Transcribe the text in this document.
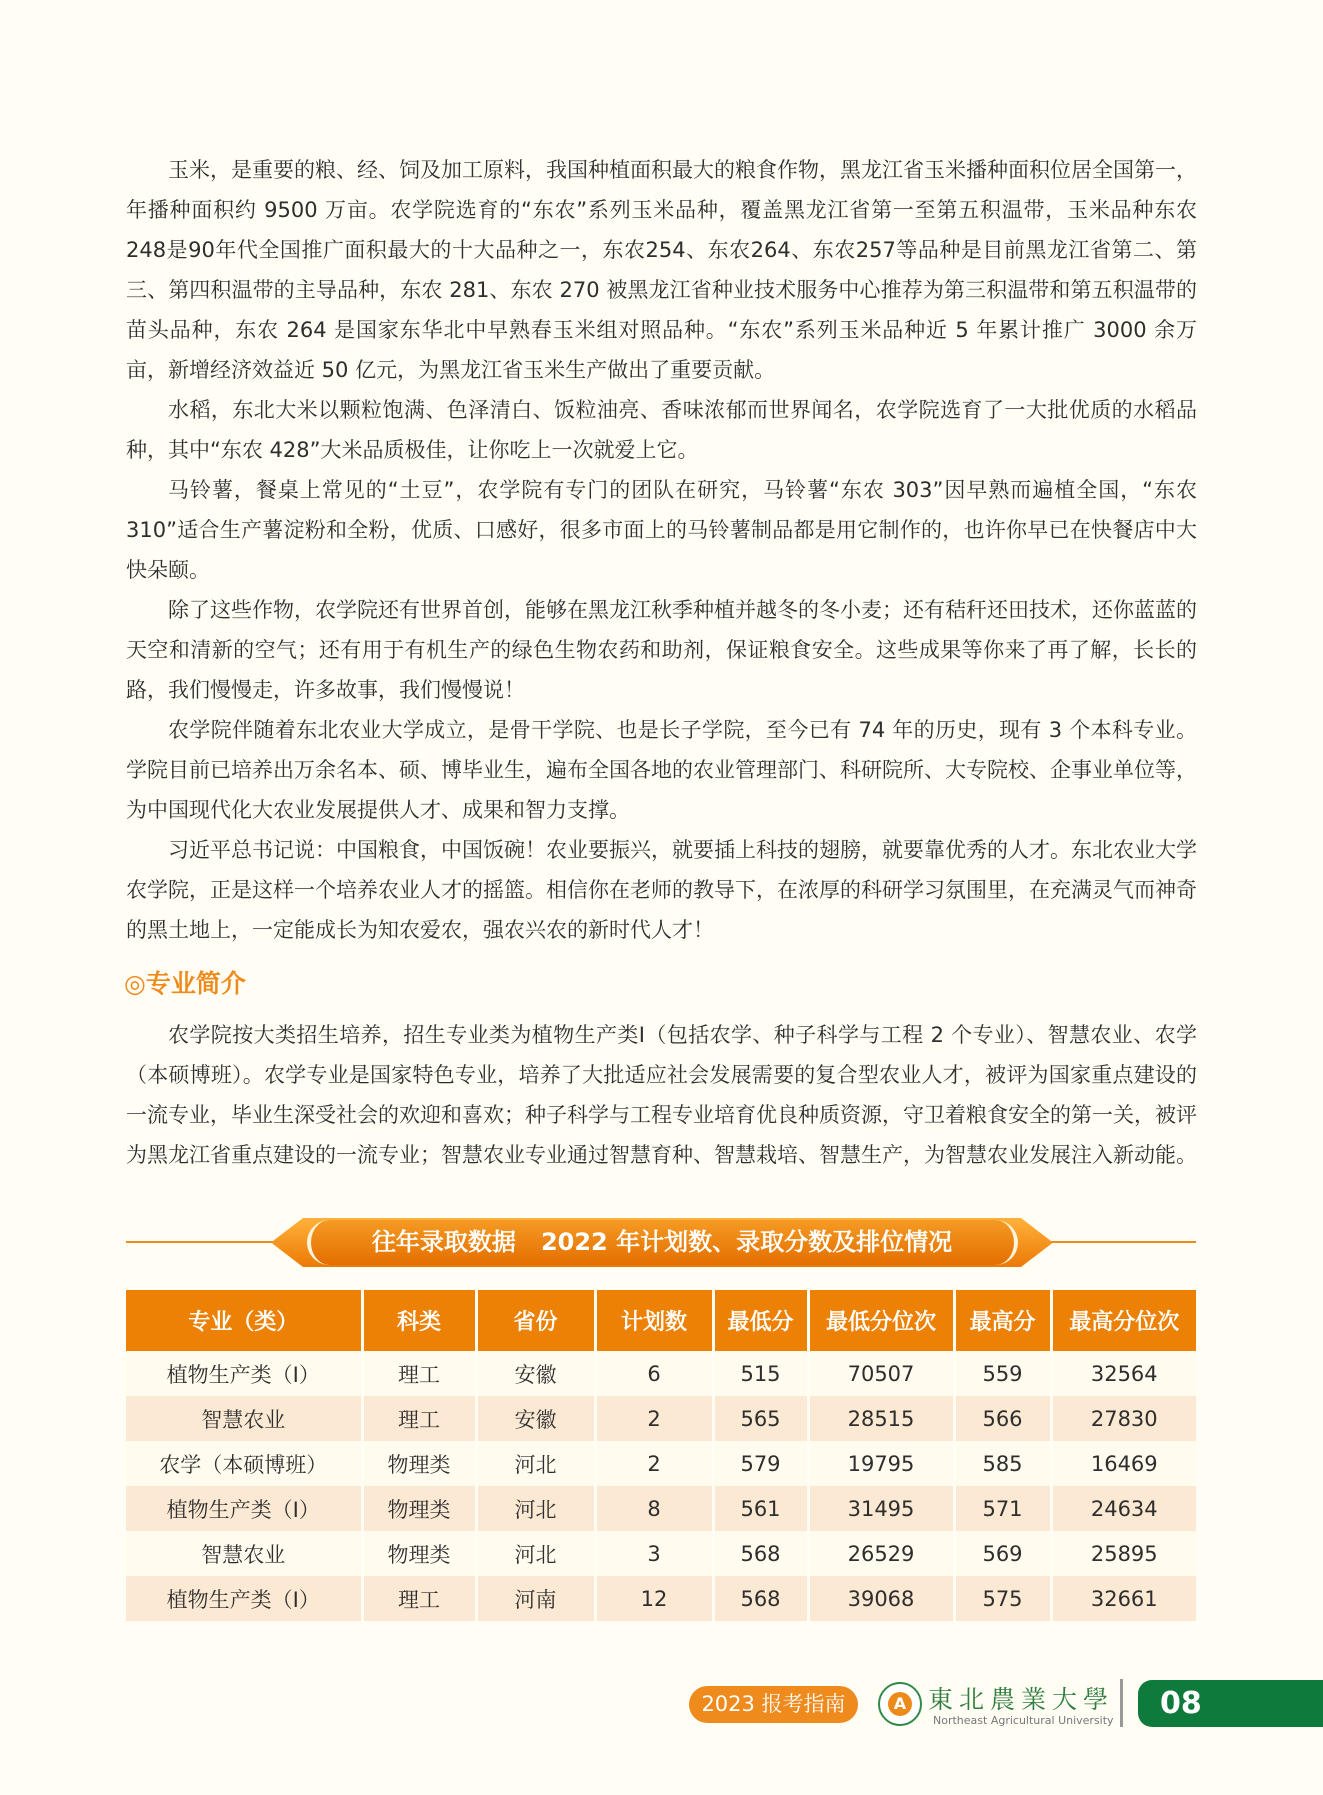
玉米，是重要的粮、经、饲及加工原料，我国种植面积最大的粮食作物，黑龙江省玉米播种面积位居全国第一，年播种面积约 9500 万亩。农学院选育的“东农”系列玉米品种，覆盖黑龙江省第一至第五积温带，玉米品种东农248是90年代全国推广面积最大的十大品种之一，东农254、东农264、东农257等品种是目前黑龙江省第二、第三、第四积温带的主导品种，东农 281、东农 270 被黑龙江省种业技术服务中心推荐为第三积温带和第五积温带的苗头品种，东农 264 是国家东华北中早熟春玉米组对照品种。“东农”系列玉米品种近 5 年累计推广 3000 余万亩，新增经济效益近 50 亿元，为黑龙江省玉米生产做出了重要贡献。

水稻，东北大米以颗粒饱满、色泽清白、饭粒油亮、香味浓郁而世界闻名，农学院选育了一大批优质的水稻品种，其中“东农 428”大米品质极佳，让你吃上一次就爱上它。

马铃薯，餐桌上常见的“土豆”，农学院有专门的团队在研究，马铃薯“东农 303”因早熟而遍植全国，“东农 310”适合生产薯淀粉和全粉，优质、口感好，很多市面上的马铃薯制品都是用它制作的，也许你早已在快餐店中大快朵颐。

除了这些作物，农学院还有世界首创，能够在黑龙江秋季种植并越冬的冬小麦；还有秸秆还田技术，还你蓝蓝的天空和清新的空气；还有用于有机生产的绿色生物农药和助剂，保证粮食安全。这些成果等你来了再了解，长长的路，我们慢慢走，许多故事，我们慢慢说！

农学院伴随着东北农业大学成立，是骨干学院、也是长子学院，至今已有 74 年的历史，现有 3 个本科专业。学院目前已培养出万余名本、硕、博毕业生，遍布全国各地的农业管理部门、科研院所、大专院校、企事业单位等，为中国现代化大农业发展提供人才、成果和智力支撑。

习近平总书记说：中国粮食，中国饭碗！农业要振兴，就要插上科技的翅膀，就要靠优秀的人才。东北农业大学农学院，正是这样一个培养农业人才的摇篮。相信你在老师的教导下，在浓厚的科研学习氛围里，在充满灵气而神奇的黑土地上，一定能成长为知农爱农，强农兴农的新时代人才！

◎专业简介

农学院按大类招生培养，招生专业类为植物生产类Ⅰ（包括农学、种子科学与工程 2 个专业）、智慧农业、农学（本硕博班）。农学专业是国家特色专业，培养了大批适应社会发展需要的复合型农业人才，被评为国家重点建设的一流专业，毕业生深受社会的欢迎和喜欢；种子科学与工程专业培育优良种质资源，守卫着粮食安全的第一关，被评为黑龙江省重点建设的一流专业；智慧农业专业通过智慧育种、智慧栽培、智慧生产，为智慧农业发展注入新动能。

往年录取数据   2022 年计划数、录取分数及排位情况
专业（类）	科类	省份	计划数	最低分	最低分位次	最高分	最高分位次
植物生产类（Ⅰ）	理工	安徽	6	515	70507	559	32564
智慧农业	理工	安徽	2	565	28515	566	27830
农学（本硕博班）	物理类	河北	2	579	19795	585	16469
植物生产类（Ⅰ）	物理类	河北	8	561	31495	571	24634
智慧农业	物理类	河北	3	568	26529	569	25895
植物生产类（Ⅰ）	理工	河南	12	568	39068	575	32661
2023 报考指南	A 東北農業大學
Northeast Agricultural University 08
